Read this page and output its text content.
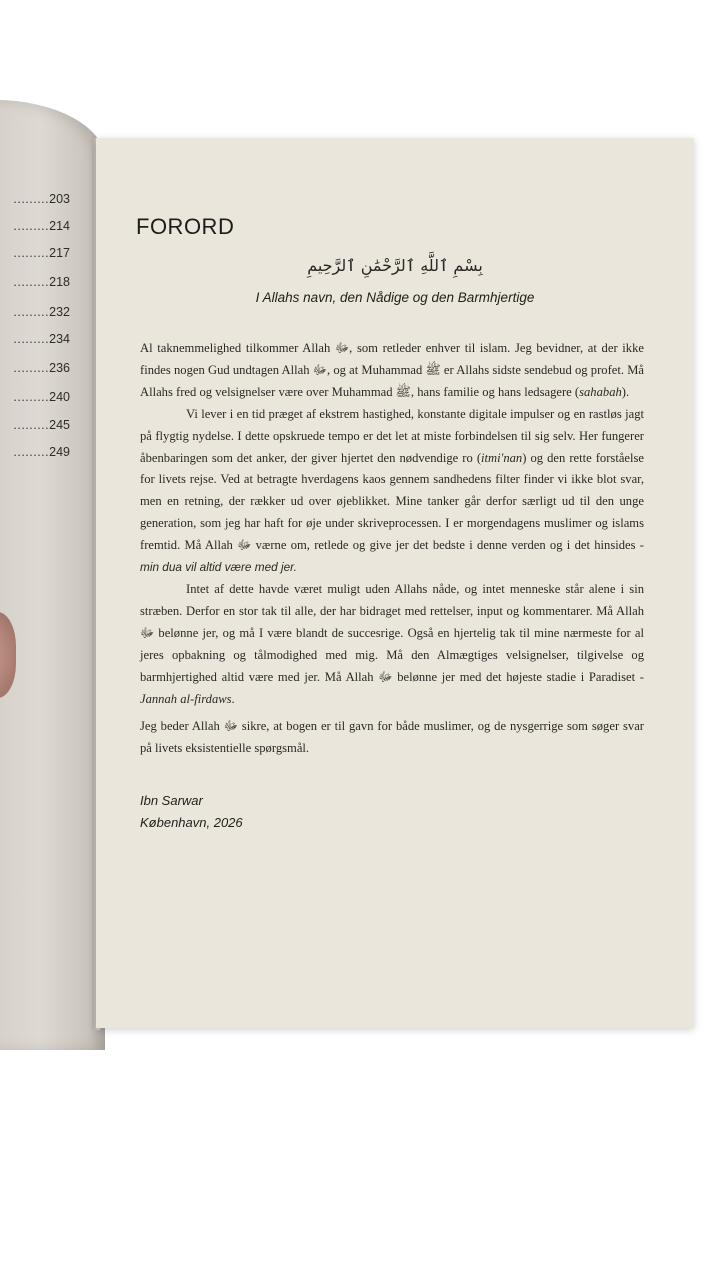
.........203
.........214
.........217
.........218
.........232
.........234
.........236
.........240
.........245
.........249
FORORD
بِسْمِ ٱللَّهِ ٱلرَّحْمَٰنِ ٱلرَّحِيمِ
I Allahs navn, den Nådige og den Barmhjertige

Al taknemmelighed tilkommer Allah ﷻ, som retleder enhver til islam. Jeg bevidner, at der ikke findes nogen Gud undtagen Allah ﷻ, og at Muhammad ﷺ er Allahs sidste sendebud og profet. Må Allahs fred og velsignelser være over Muhammad ﷺ, hans familie og hans ledsagere (sahabah).

Vi lever i en tid præget af ekstrem hastighed, konstante digitale impulser og en rastløs jagt på flygtig nydelse. I dette opskruede tempo er det let at miste forbindelsen til sig selv. Her fungerer åbenbaringen som det anker, der giver hjertet den nødvendige ro (itmi'nan) og den rette forståelse for livets rejse. Ved at betragte hverdagens kaos gennem sandhedens filter finder vi ikke blot svar, men en retning, der rækker ud over øjeblikket. Mine tanker går derfor særligt ud til den unge generation, som jeg har haft for øje under skriveprocessen. I er morgendagens muslimer og islams fremtid. Må Allah ﷻ værne om, retlede og give jer det bedste i denne verden og i det hinsides - min dua vil altid være med jer.

Intet af dette havde været muligt uden Allahs nåde, og intet menneske står alene i sin stræben. Derfor en stor tak til alle, der har bidraget med rettelser, input og kommentarer. Må Allah ﷻ belønne jer, og må I være blandt de succesrige. Også en hjertelig tak til mine nærmeste for al jeres opbakning og tålmodighed med mig. Må den Almægtiges velsignelser, tilgivelse og barmhjertighed altid være med jer. Må Allah ﷻ belønne jer med det højeste stadie i Paradiset - Jannah al-firdaws.

Jeg beder Allah ﷻ sikre, at bogen er til gavn for både muslimer, og de nysgerrige som søger svar på livets eksistentielle spørgsmål.

Ibn Sarwar
København, 2026
